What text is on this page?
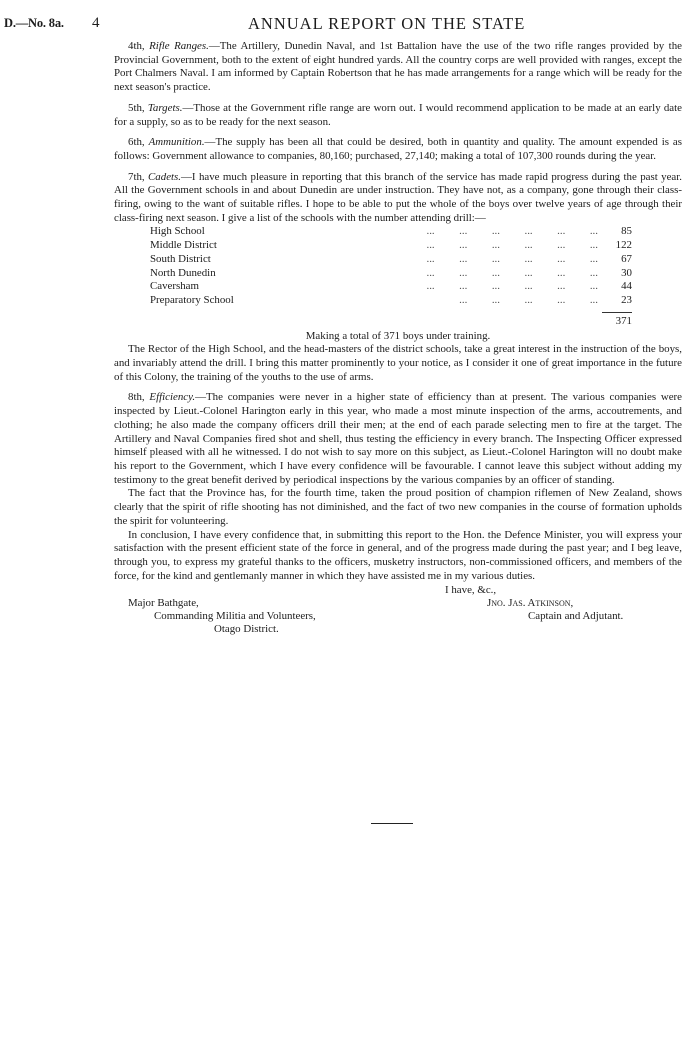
D.—No. 8a. 4	ANNUAL REPORT ON THE STATE

4th, Rifle Ranges.—The Artillery, Dunedin Naval, and 1st Battalion have the use of the two rifle ranges provided by the Provincial Government, both to the extent of eight hundred yards. All the country corps are well provided with ranges, except the Port Chalmers Naval. I am informed by Captain Robertson that he has made arrangements for a range which will be ready for the next season's practice.

5th, Targets.—Those at the Government rifle range are worn out. I would recommend application to be made at an early date for a supply, so as to be ready for the next season.

6th, Ammunition.—The supply has been all that could be desired, both in quantity and quality. The amount expended is as follows: Government allowance to companies, 80,160; purchased, 27,140; making a total of 107,300 rounds during the year.

7th, Cadets.—I have much pleasure in reporting that this branch of the service has made rapid progress during the past year. All the Government schools in and about Dunedin are under instruction. They have not, as a company, gone through their class-firing, owing to the want of suitable rifles. I hope to be able to put the whole of the boys over twelve years of age through their class-firing next season. I give a list of the schools with the number attending drill:—

High School	...         ...         ...         ...         ...         ...	85
Middle District	...         ...         ...         ...         ...         ...	122
South District	...         ...         ...         ...         ...         ...	67
North Dunedin	...         ...         ...         ...         ...         ...	30
Caversham	...         ...         ...         ...         ...         ...	44
Preparatory School	...         ...         ...         ...         ...	23
371

Making a total of 371 boys under training.

The Rector of the High School, and the head-masters of the district schools, take a great interest in the instruction of the boys, and invariably attend the drill. I bring this matter prominently to your notice, as I consider it one of great importance in the future of this Colony, the training of the youths to the use of arms.

8th, Efficiency.—The companies were never in a higher state of efficiency than at present. The various companies were inspected by Lieut.-Colonel Harington early in this year, who made a most minute inspection of the arms, accoutrements, and clothing; he also made the company officers drill their men; at the end of each parade selecting men to fire at the target. The Artillery and Naval Companies fired shot and shell, thus testing the efficiency in every branch. The Inspecting Officer expressed himself pleased with all he witnessed. I do not wish to say more on this subject, as Lieut.-Colonel Harington will no doubt make his report to the Government, which I have every confidence will be favourable. I cannot leave this subject without adding my testimony to the great benefit derived by periodical inspections by the various companies by an officer of standing.

The fact that the Province has, for the fourth time, taken the proud position of champion riflemen of New Zealand, shows clearly that the spirit of rifle shooting has not diminished, and the fact of two new companies in the course of formation upholds the spirit for volunteering.

In conclusion, I have every confidence that, in submitting this report to the Hon. the Defence Minister, you will express your satisfaction with the present efficient state of the force in general, and of the progress made during the past year; and I beg leave, through you, to express my grateful thanks to the officers, musketry instructors, non-commissioned officers, and members of the force, for the kind and gentlemanly manner in which they have assisted me in my various duties.

I have, &c.,
Jno. Jas. Atkinson,
Captain and Adjutant.
Major Bathgate,
Commanding Militia and Volunteers,
Otago District.
